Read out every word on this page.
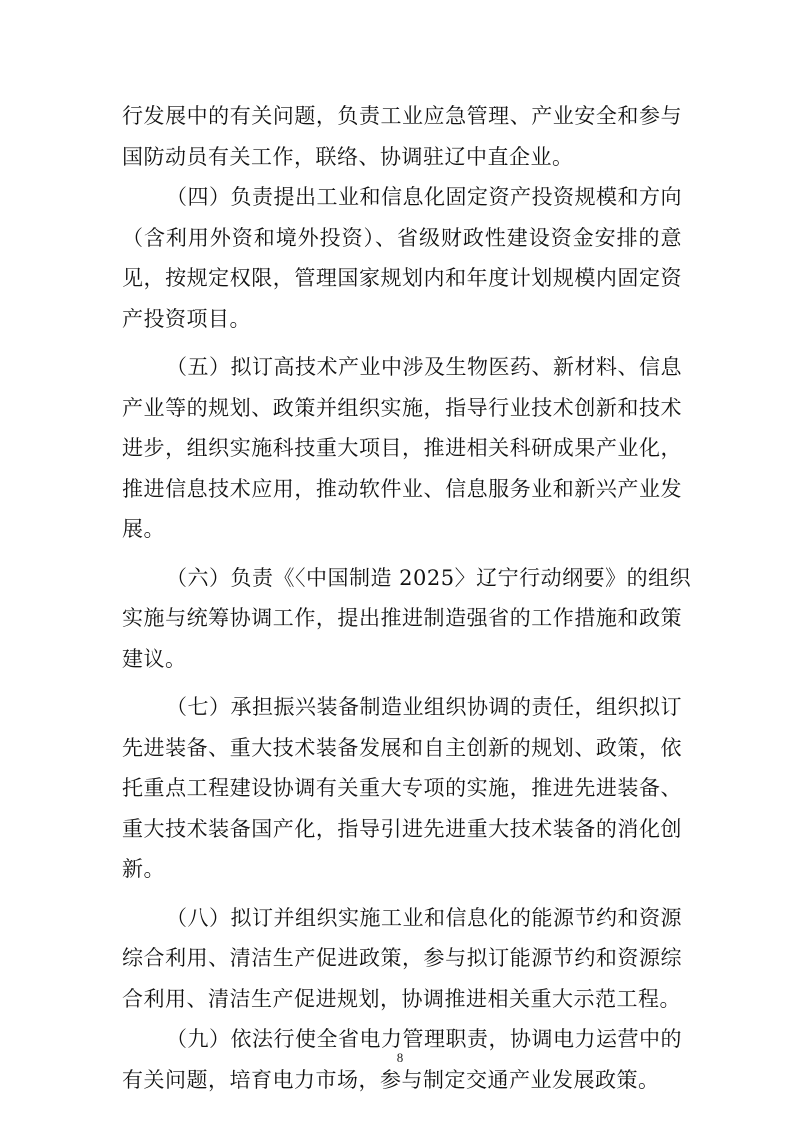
行发展中的有关问题，负责工业应急管理、产业安全和参与
国防动员有关工作，联络、协调驻辽中直企业。
（四）负责提出工业和信息化固定资产投资规模和方向
（含利用外资和境外投资）、省级财政性建设资金安排的意
见，按规定权限，管理国家规划内和年度计划规模内固定资
产投资项目。
（五）拟订高技术产业中涉及生物医药、新材料、信息
产业等的规划、政策并组织实施，指导行业技术创新和技术
进步，组织实施科技重大项目，推进相关科研成果产业化，
推进信息技术应用，推动软件业、信息服务业和新兴产业发
展。
（六）负责《〈中国制造 2025〉辽宁行动纲要》的组织
实施与统筹协调工作，提出推进制造强省的工作措施和政策
建议。
（七）承担振兴装备制造业组织协调的责任，组织拟订
先进装备、重大技术装备发展和自主创新的规划、政策，依
托重点工程建设协调有关重大专项的实施，推进先进装备、
重大技术装备国产化，指导引进先进重大技术装备的消化创
新。
（八）拟订并组织实施工业和信息化的能源节约和资源
综合利用、清洁生产促进政策，参与拟订能源节约和资源综
合利用、清洁生产促进规划，协调推进相关重大示范工程。
（九）依法行使全省电力管理职责，协调电力运营中的
有关问题，培育电力市场，参与制定交通产业发展政策。
8
